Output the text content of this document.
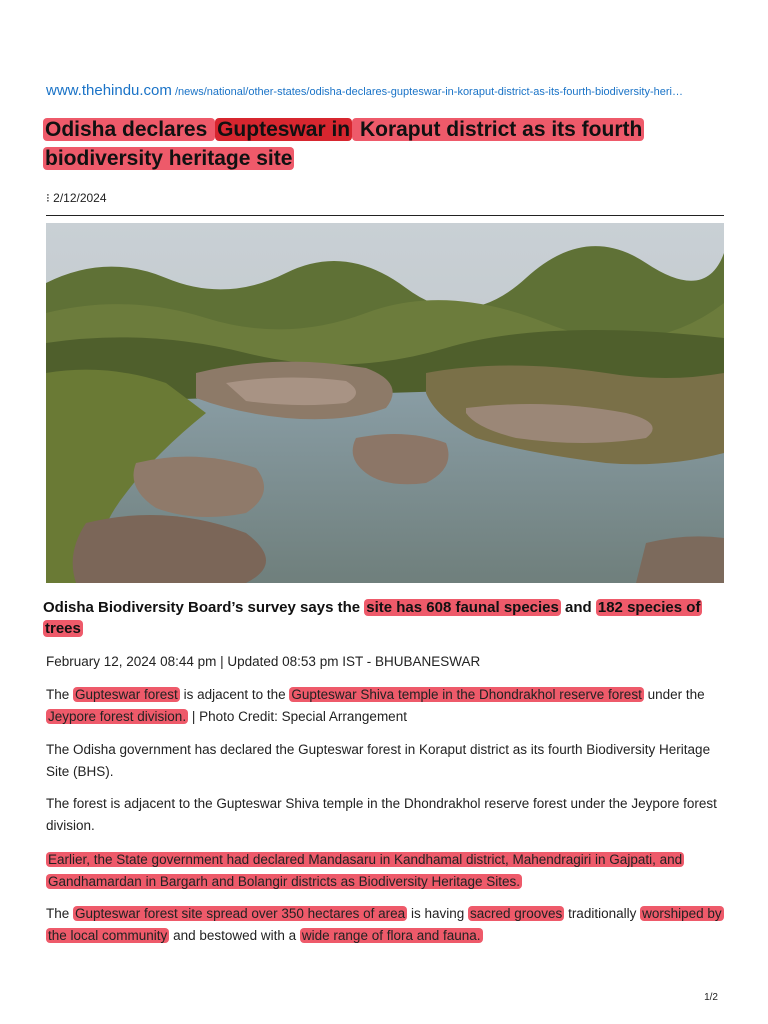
www.thehindu.com /news/national/other-states/odisha-declares-gupteswar-in-koraput-district-as-its-fourth-biodiversity-heri…
Odisha declares Gupteswar in Koraput district as its fourth biodiversity heritage site
⁝ 2/12/2024
Odisha Biodiversity Board’s survey says the site has 608 faunal species and 182 species of trees
February 12, 2024 08:44 pm | Updated 08:53 pm IST - BHUBANESWAR

The Gupteswar forest is adjacent to the Gupteswar Shiva temple in the Dhondrakhol reserve forest under the Jeypore forest division. | Photo Credit: Special Arrangement

The Odisha government has declared the Gupteswar forest in Koraput district as its fourth Biodiversity Heritage Site (BHS).

The forest is adjacent to the Gupteswar Shiva temple in the Dhondrakhol reserve forest under the Jeypore forest division.

Earlier, the State government had declared Mandasaru in Kandhamal district, Mahendragiri in Gajpati, and Gandhamardan in Bargarh and Bolangir districts as Biodiversity Heritage Sites.

The Gupteswar forest site spread over 350 hectares of area is having sacred grooves traditionally worshiped by the local community and bestowed with a wide range of flora and fauna.

1/2
